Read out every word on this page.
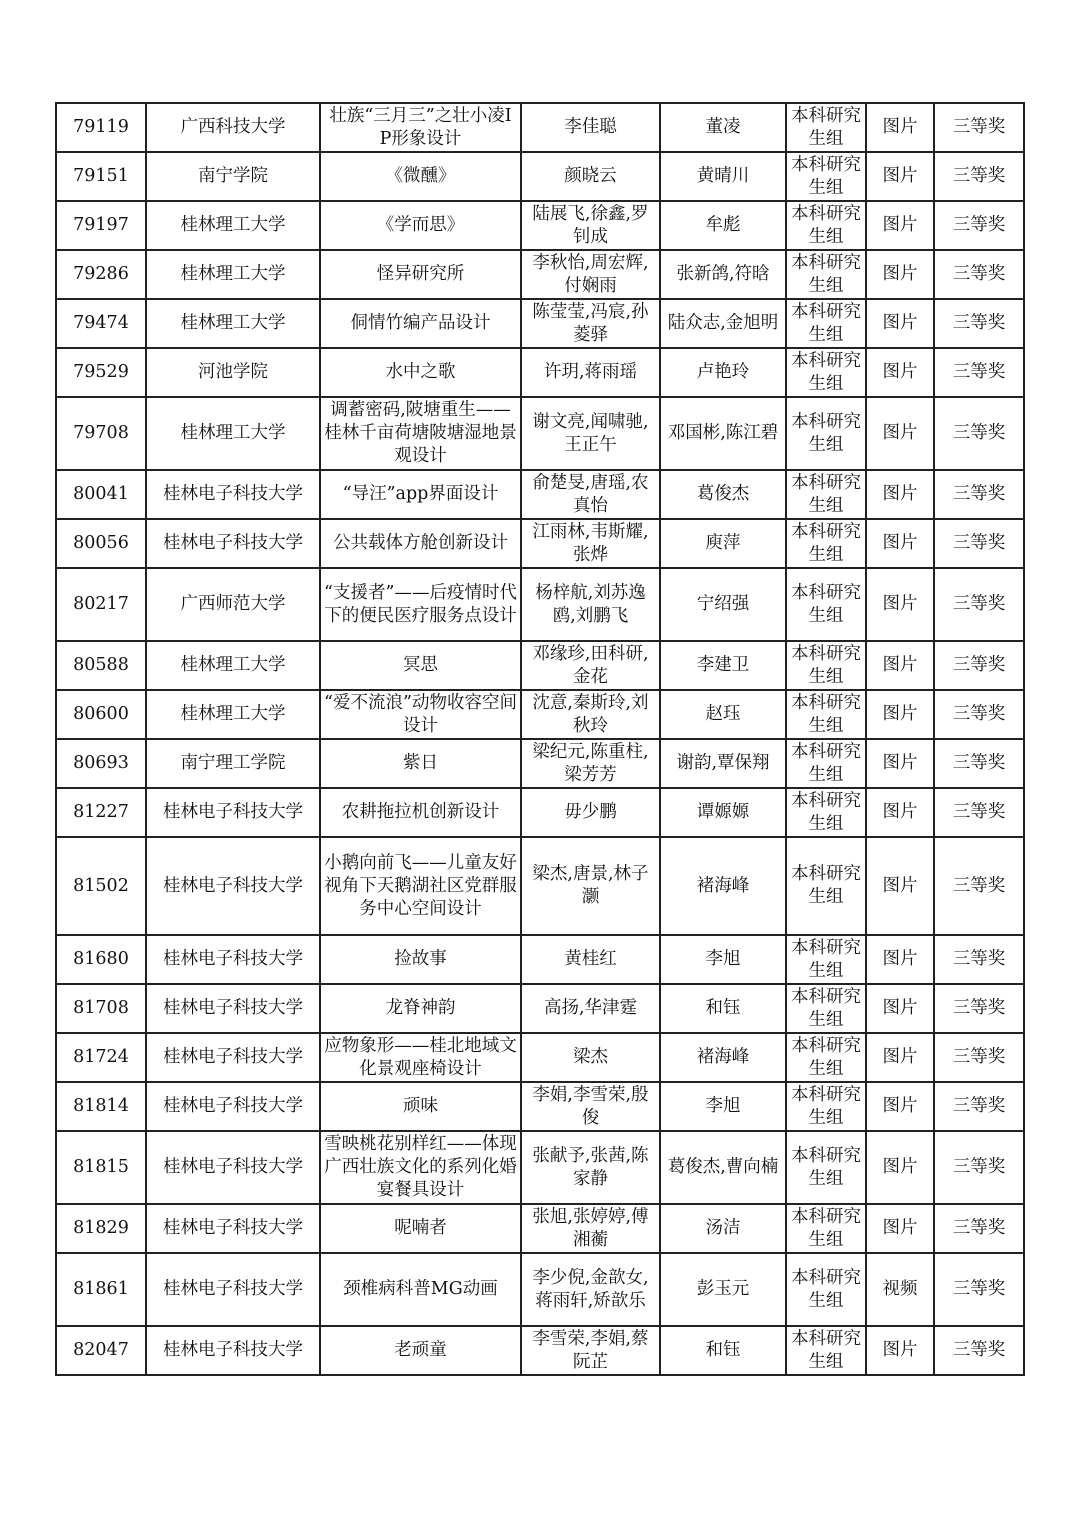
79119	广西科技大学	壮族“三月三”之壮小凌IP形象设计	李佳聪	董凌	本科研究生组	图片	三等奖
79151	南宁学院	《微醺》	颜晓云	黄晴川	本科研究生组	图片	三等奖
79197	桂林理工大学	《学而思》	陆展飞,徐鑫,罗钊成	牟彪	本科研究生组	图片	三等奖
79286	桂林理工大学	怪异研究所	李秋怡,周宏辉,付娴雨	张新鸽,符晗	本科研究生组	图片	三等奖
79474	桂林理工大学	侗情竹编产品设计	陈莹莹,冯宸,孙菱驿	陆众志,金旭明	本科研究生组	图片	三等奖
79529	河池学院	水中之歌	许玥,蒋雨瑶	卢艳玲	本科研究生组	图片	三等奖
79708	桂林理工大学	调蓄密码,陂塘重生——桂林千亩荷塘陂塘湿地景观设计	谢文亮,闻啸驰,王正午	邓国彬,陈江碧	本科研究生组	图片	三等奖
80041	桂林电子科技大学	“导汪”app界面设计	俞楚旻,唐瑶,农真怡	葛俊杰	本科研究生组	图片	三等奖
80056	桂林电子科技大学	公共载体方舱创新设计	江雨林,韦斯耀,张烨	庾萍	本科研究生组	图片	三等奖
80217	广西师范大学	“支援者”——后疫情时代下的便民医疗服务点设计	杨梓航,刘苏逸鸥,刘鹏飞	宁绍强	本科研究生组	图片	三等奖
80588	桂林理工大学	冥思	邓缘珍,田科研,金花	李建卫	本科研究生组	图片	三等奖
80600	桂林理工大学	“爱不流浪”动物收容空间设计	沈意,秦斯玲,刘秋玲	赵珏	本科研究生组	图片	三等奖
80693	南宁理工学院	紫日	梁纪元,陈重柱,梁芳芳	谢韵,覃保翔	本科研究生组	图片	三等奖
81227	桂林电子科技大学	农耕拖拉机创新设计	毋少鹏	谭嫄嫄	本科研究生组	图片	三等奖
81502	桂林电子科技大学	小鹅向前飞——儿童友好视角下天鹅湖社区党群服务中心空间设计	梁杰,唐景,林子灏	褚海峰	本科研究生组	图片	三等奖
81680	桂林电子科技大学	捡故事	黄桂红	李旭	本科研究生组	图片	三等奖
81708	桂林电子科技大学	龙脊神韵	高扬,华津霆	和钰	本科研究生组	图片	三等奖
81724	桂林电子科技大学	应物象形——桂北地域文化景观座椅设计	梁杰	褚海峰	本科研究生组	图片	三等奖
81814	桂林电子科技大学	顽味	李娟,李雪荣,殷俊	李旭	本科研究生组	图片	三等奖
81815	桂林电子科技大学	雪映桃花别样红——体现广西壮族文化的系列化婚宴餐具设计	张献予,张茜,陈家静	葛俊杰,曹向楠	本科研究生组	图片	三等奖
81829	桂林电子科技大学	呢喃者	张旭,张婷婷,傅湘蘅	汤洁	本科研究生组	图片	三等奖
81861	桂林电子科技大学	颈椎病科普MG动画	李少倪,金歆女,蒋雨轩,矫歆乐	彭玉元	本科研究生组	视频	三等奖
82047	桂林电子科技大学	老顽童	李雪荣,李娟,蔡阮芷	和钰	本科研究生组	图片	三等奖
